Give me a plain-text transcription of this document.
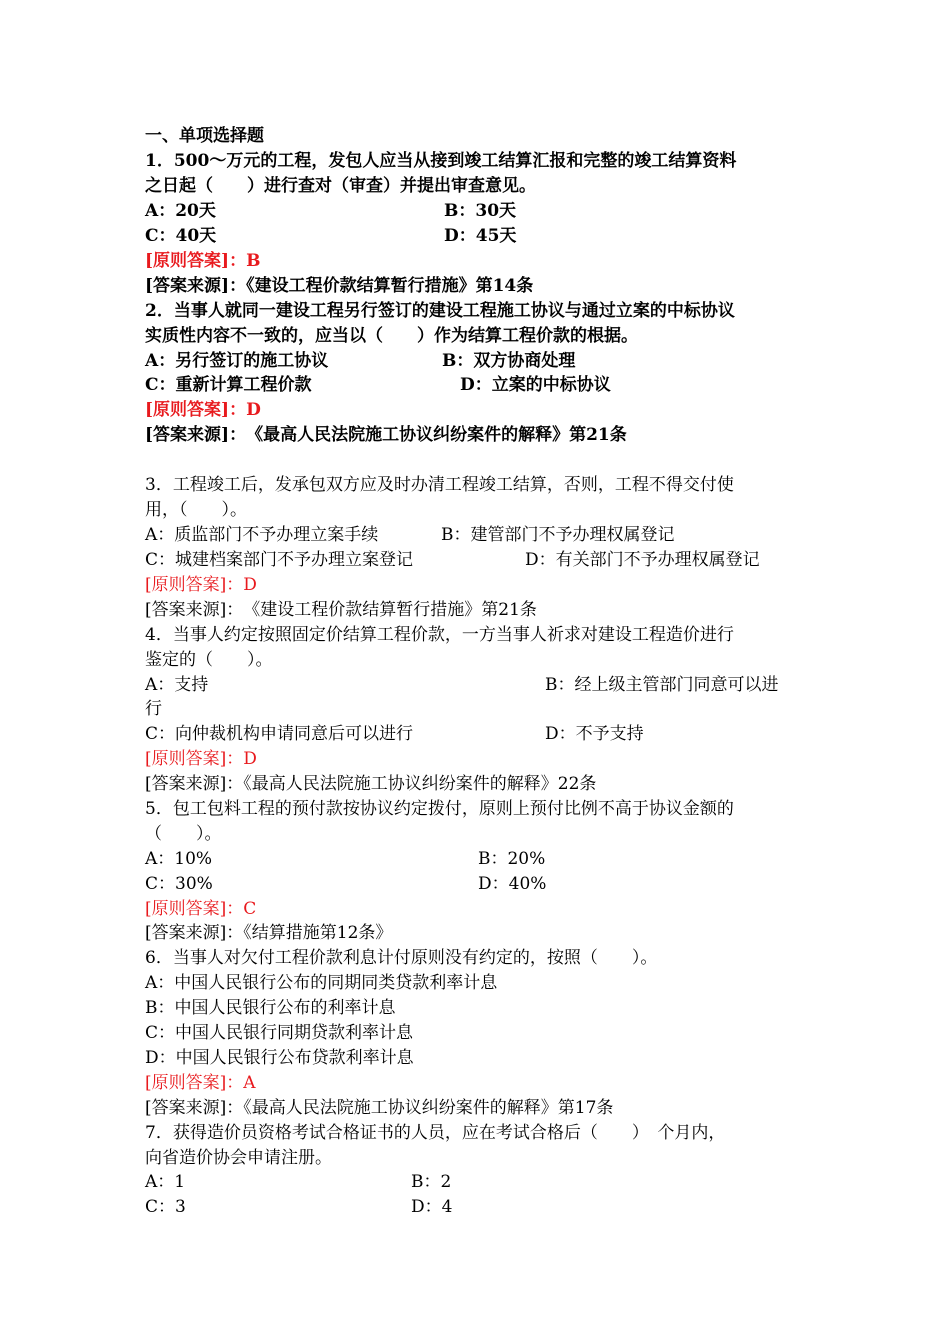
一、单项选择题
1．500～万元的工程，发包人应当从接到竣工结算汇报和完整的竣工结算资料
之日起（　　）进行查对（审查）并提出审查意见。
A：20天	B：30天
C：40天	D：45天
[原则答案]：B
[答案来源]：《建设工程价款结算暂行措施》第14条
2．当事人就同一建设工程另行签订的建设工程施工协议与通过立案的中标协议
实质性内容不一致的，应当以（　　）作为结算工程价款的根据。
A：另行签订的施工协议	B：双方协商处理
C：重新计算工程价款	D：立案的中标协议
[原则答案]：D
[答案来源]：　《最高人民法院施工协议纠纷案件的解释》第21条
3．工程竣工后，发承包双方应及时办清工程竣工结算，否则，工程不得交付使
用，（　　）。
A：质监部门不予办理立案手续	B：建管部门不予办理权属登记
C：城建档案部门不予办理立案登记	D：有关部门不予办理权属登记
[原则答案]：D
[答案来源]：　《建设工程价款结算暂行措施》第21条
4．当事人约定按照固定价结算工程价款，一方当事人祈求对建设工程造价进行
鉴定的（　　）。
A：支持	B：经上级主管部门同意可以进
行
C：向仲裁机构申请同意后可以进行	D：不予支持
[原则答案]：D
[答案来源]：《最高人民法院施工协议纠纷案件的解释》22条
5．包工包料工程的预付款按协议约定拨付，原则上预付比例不高于协议金额的
（　　）。
A：10%	B：20%
C：30%	D：40%
[原则答案]：C
[答案来源]：《结算措施第12条》
6．当事人对欠付工程价款利息计付原则没有约定的，按照（　　）。
A：中国人民银行公布的同期同类贷款利率计息
B：中国人民银行公布的利率计息
C：中国人民银行同期贷款利率计息
D：中国人民银行公布贷款利率计息
[原则答案]：A
[答案来源]：《最高人民法院施工协议纠纷案件的解释》第17条
7．获得造价员资格考试合格证书的人员，应在考试合格后（　　）　个月内，
向省造价协会申请注册。
A：1	B：2
C：3	D：4
